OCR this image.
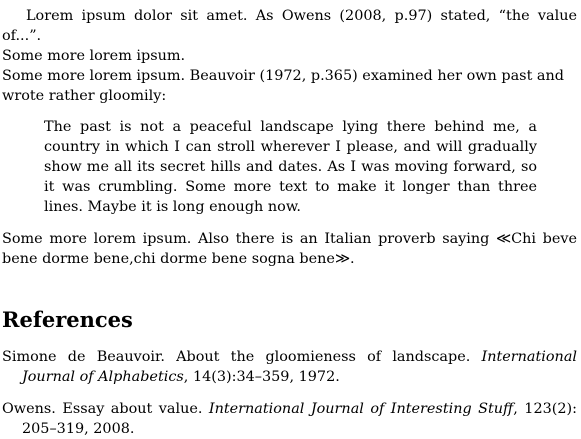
Lorem ipsum dolor sit amet. As Owens (2008, p.97) stated, “the value of...”.
Some more lorem ipsum.

Some more lorem ipsum. Beauvoir (1972, p.365) examined her own past and
wrote rather gloomily:

The past is not a peaceful landscape lying there behind me, a country in which I can stroll wherever I please, and will gradually show me all its secret hills and dates. As I was moving forward, so it was crumbling. Some more text to make it longer than three lines. Maybe it is long enough now.

Some more lorem ipsum. Also there is an Italian proverb saying ≪Chi beve bene dorme bene,chi dorme bene sogna bene≫.

References

Simone de Beauvoir. About the gloomieness of landscape. International Journal of Alphabetics, 14(3):34–359, 1972.

Owens. Essay about value. International Journal of Interesting Stuff, 123(2): 205–319, 2008.
